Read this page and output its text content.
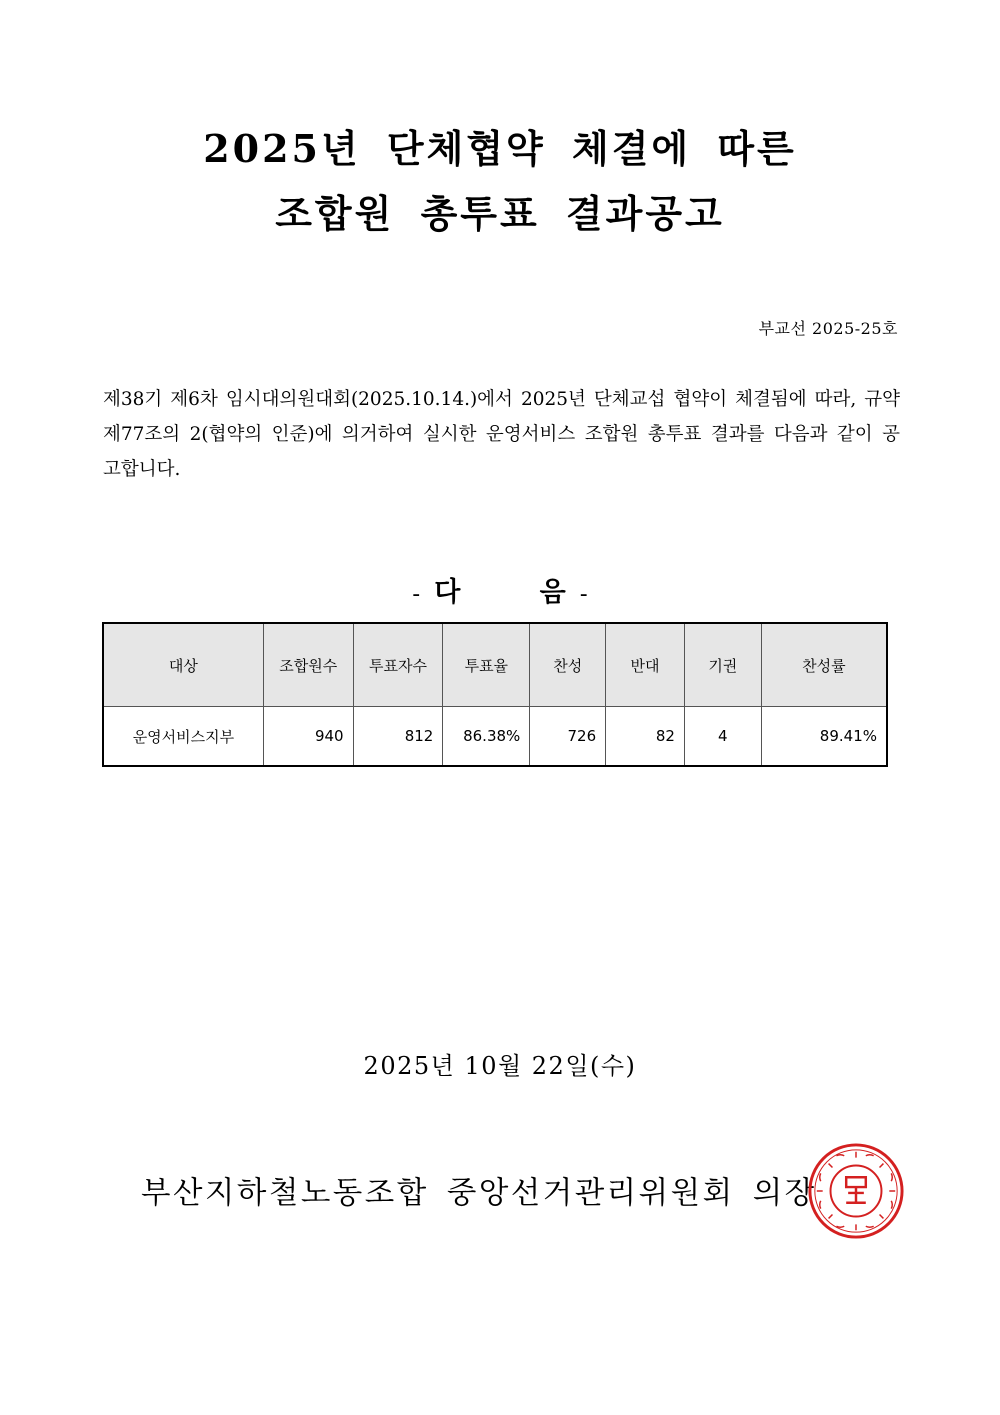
2025년 단체협약 체결에 따른
조합원 총투표 결과공고
부교선 2025-25호
제38기 제6차 임시대의원대회(2025.10.14.)에서 2025년 단체교섭 협약이 체결됨에 따라, 규약 제77조의 2(협약의 인준)에 의거하여 실시한 운영서비스 조합원 총투표 결과를 다음과 같이 공고합니다.
- 다 음 -
대상	조합원수	투표자수	투표율	찬성	반대	기권	찬성률
운영서비스지부	940	812	86.38%	726	82	4	89.41%
2025년 10월 22일(수)
부산지하철노동조합 중앙선거관리위원회 의장
